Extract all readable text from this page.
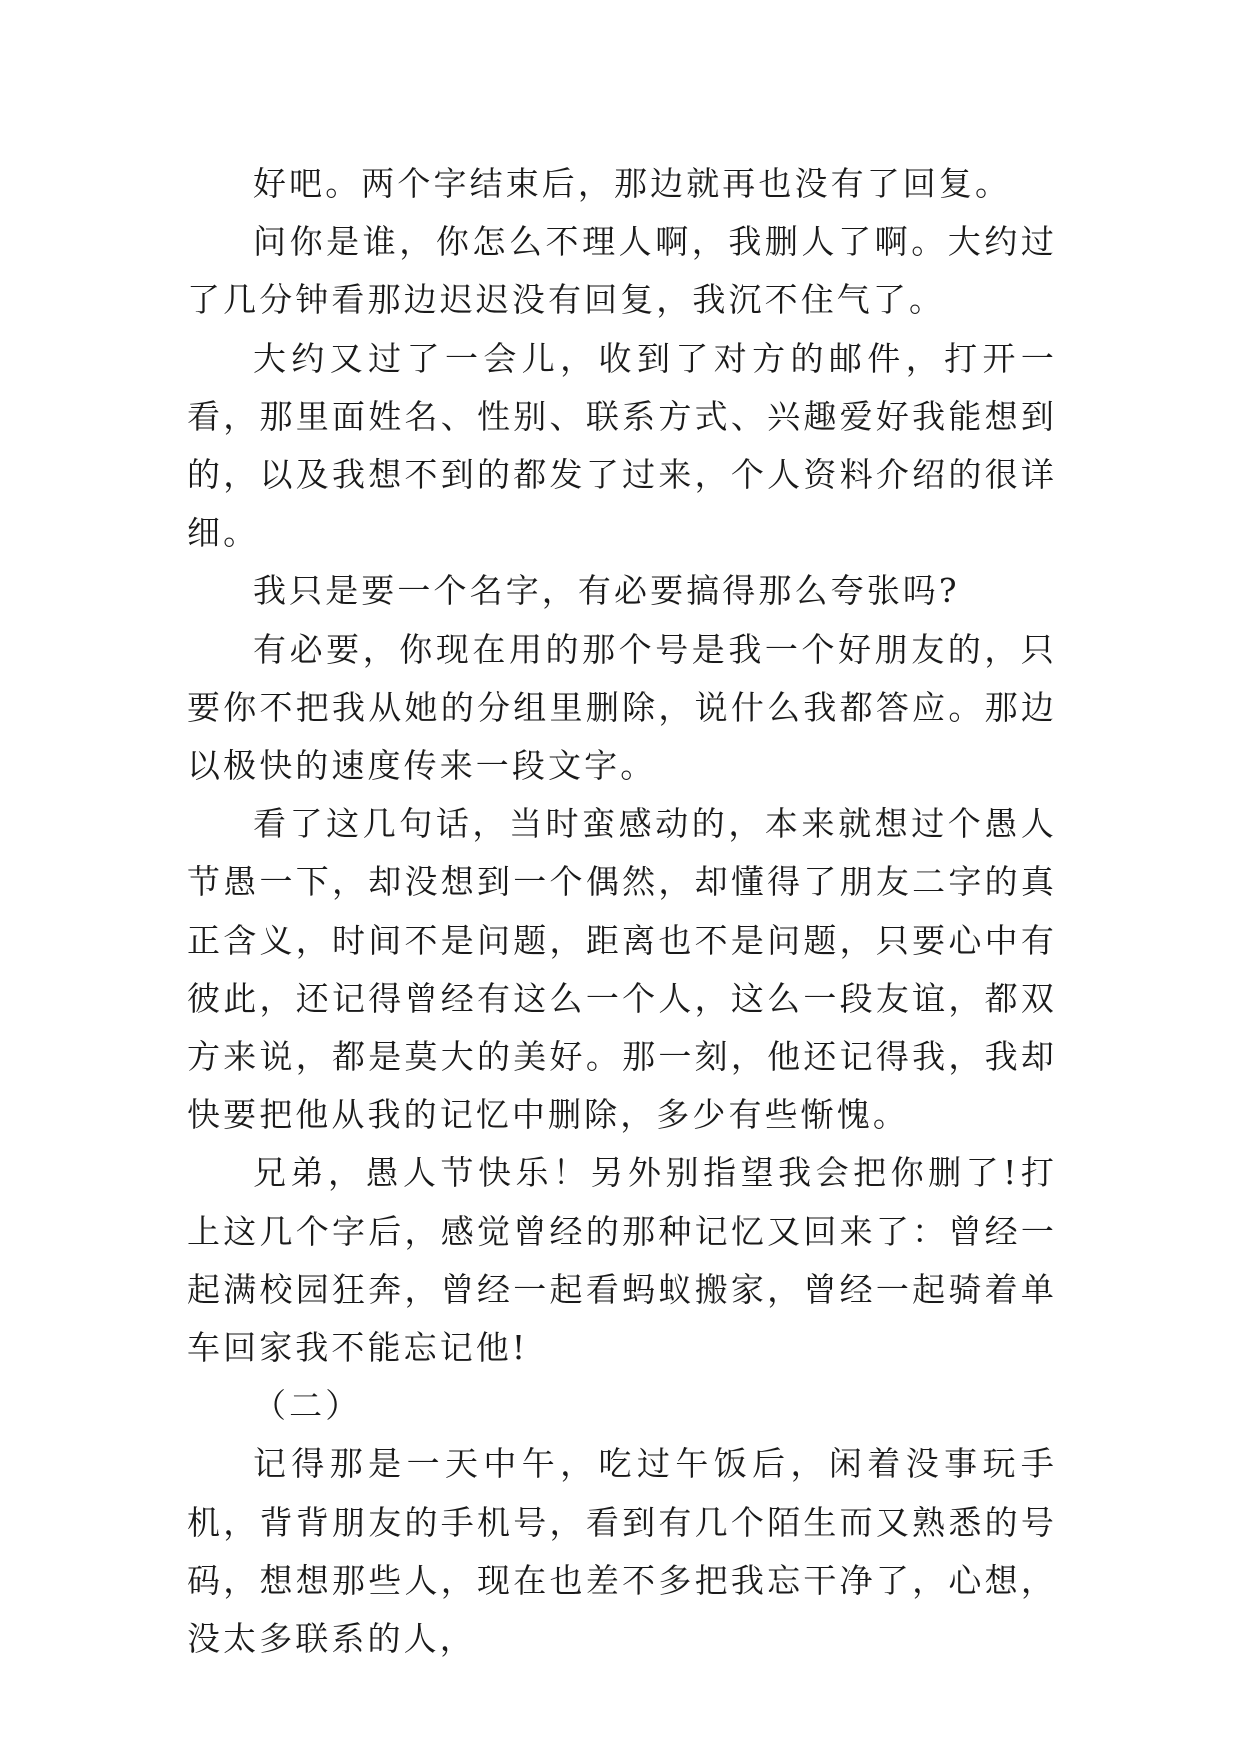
好吧。两个字结束后，那边就再也没有了回复。

问你是谁，你怎么不理人啊，我删人了啊。大约过了几分钟看那边迟迟没有回复，我沉不住气了。

大约又过了一会儿，收到了对方的邮件，打开一看，那里面姓名、性别、联系方式、兴趣爱好我能想到的，以及我想不到的都发了过来，个人资料介绍的很详细。

我只是要一个名字，有必要搞得那么夸张吗?

有必要，你现在用的那个号是我一个好朋友的，只要你不把我从她的分组里删除，说什么我都答应。那边以极快的速度传来一段文字。

看了这几句话，当时蛮感动的，本来就想过个愚人节愚一下，却没想到一个偶然，却懂得了朋友二字的真正含义，时间不是问题，距离也不是问题，只要心中有彼此，还记得曾经有这么一个人，这么一段友谊，都双方来说，都是莫大的美好。那一刻，他还记得我，我却快要把他从我的记忆中删除，多少有些惭愧。

兄弟，愚人节快乐！另外别指望我会把你删了!打上这几个字后，感觉曾经的那种记忆又回来了：曾经一起满校园狂奔，曾经一起看蚂蚁搬家，曾经一起骑着单车回家我不能忘记他!

（二）

记得那是一天中午，吃过午饭后，闲着没事玩手机，背背朋友的手机号，看到有几个陌生而又熟悉的号码，想想那些人，现在也差不多把我忘干净了，心想，没太多联系的人，
